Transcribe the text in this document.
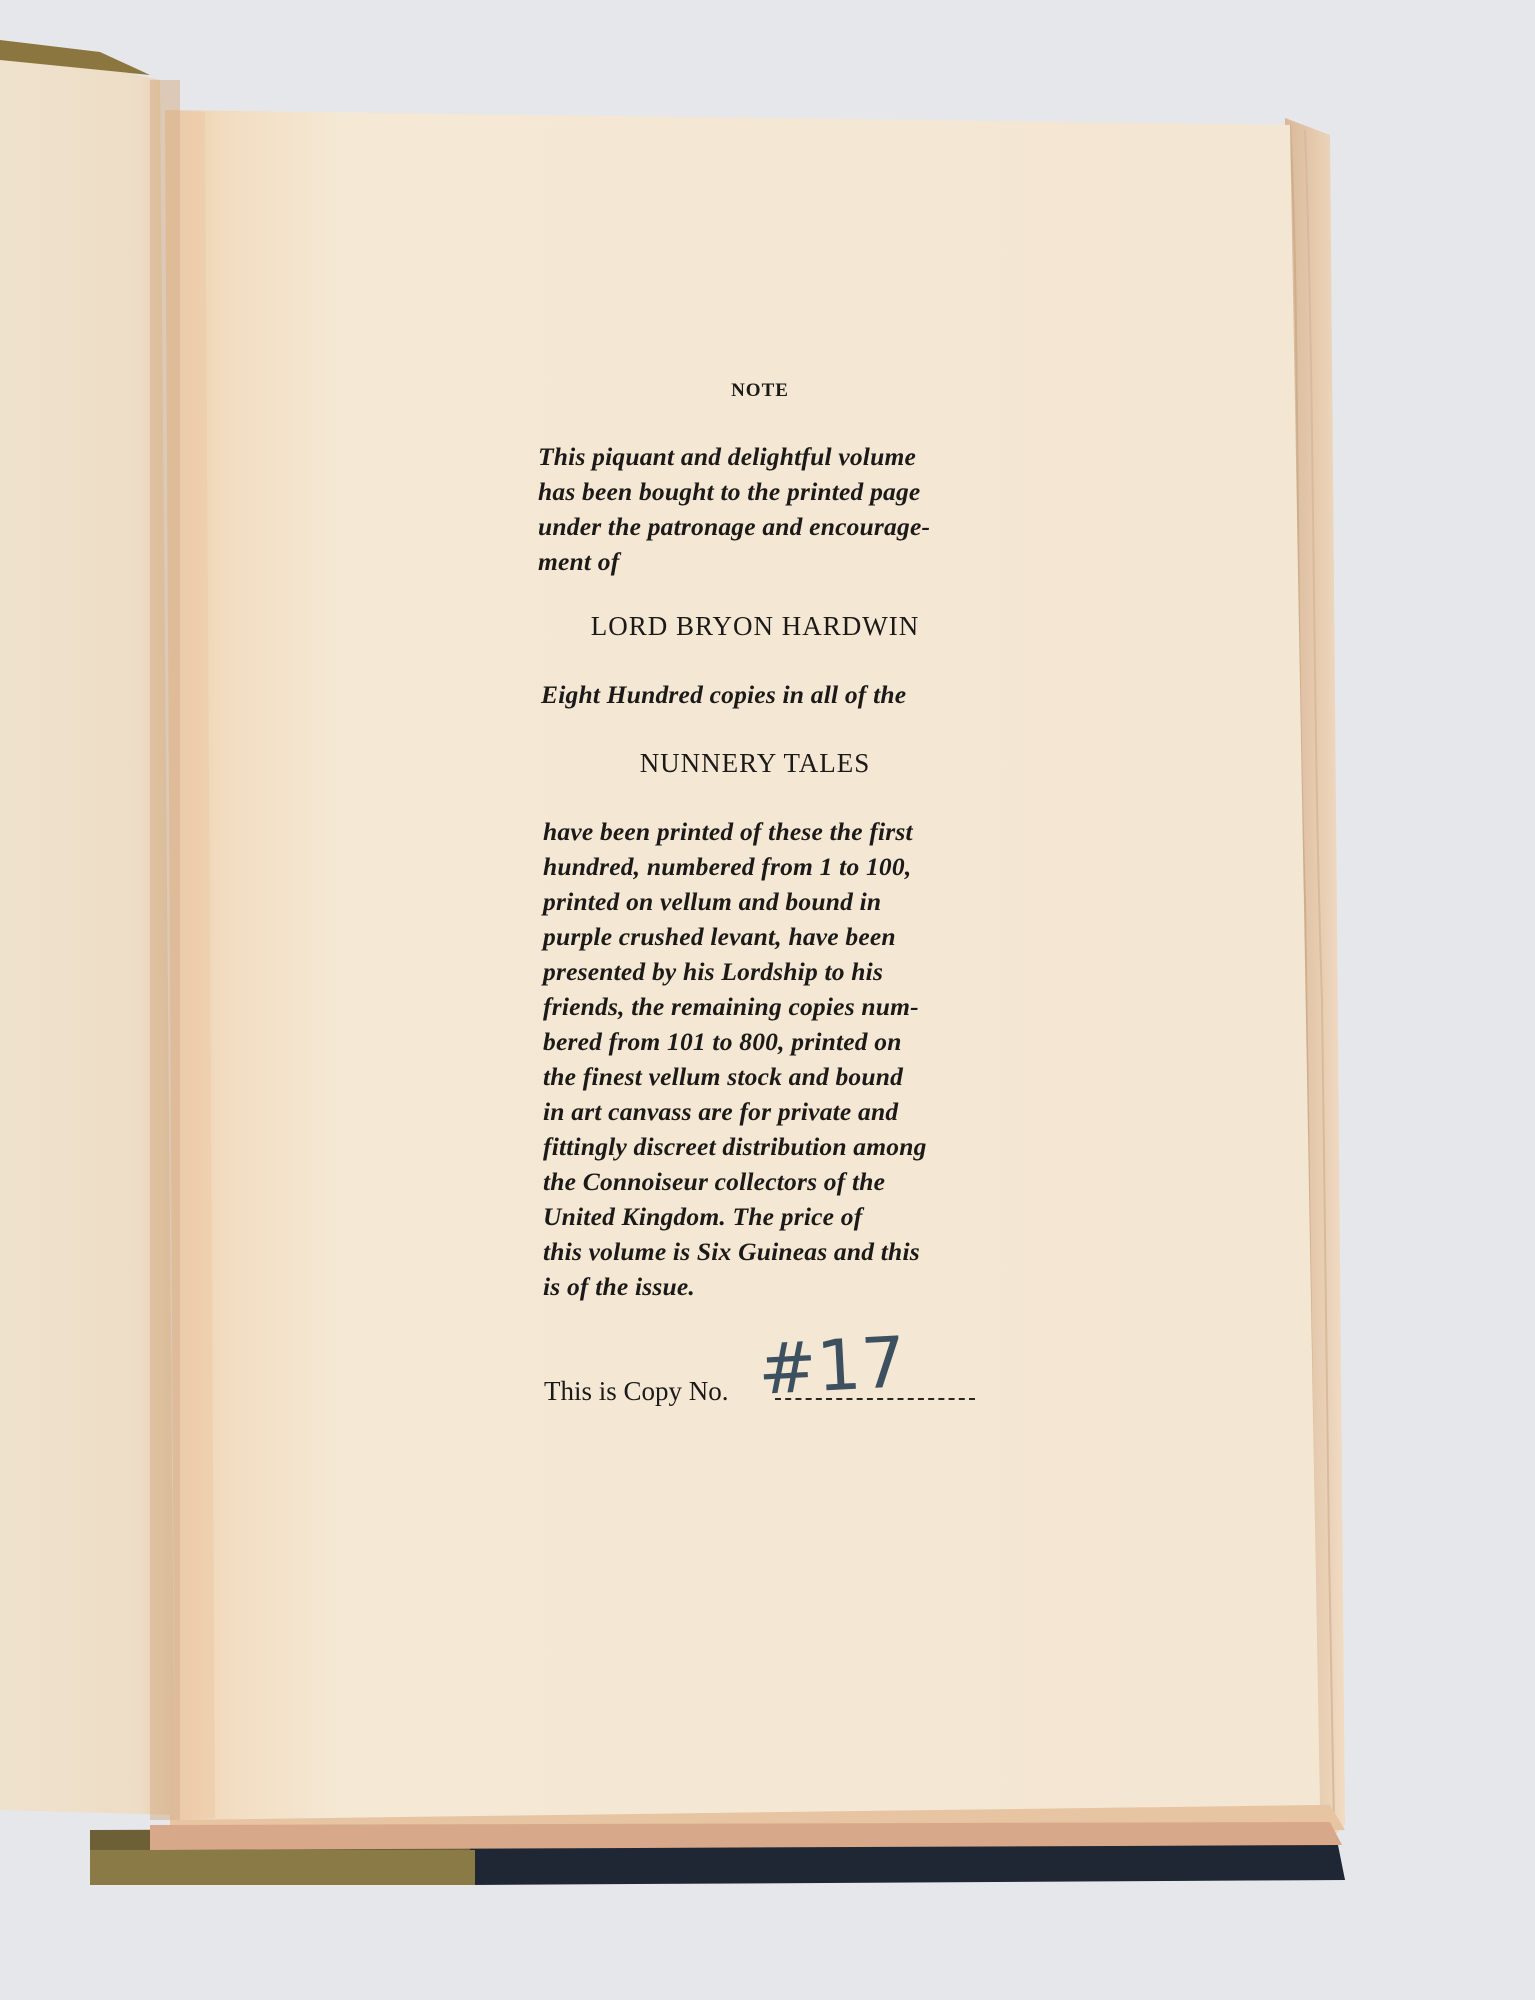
NOTE
This piquant and delightful volume
has been bought to the printed page
under the patronage and encourage-
ment of
LORD BRYON HARDWIN
Eight Hundred copies in all of the
NUNNERY TALES
have been printed of these the first
hundred, numbered from 1 to 100,
printed on vellum and bound in
purple crushed levant, have been
presented by his Lordship to his
friends, the remaining copies num-
bered from 101 to 800, printed on
the finest vellum stock and bound
in art canvass are for private and
fittingly discreet distribution among
the Connoiseur collectors of the
United Kingdom. The price of
this volume is Six Guineas and this
is of the issue.
This is Copy No. #17
